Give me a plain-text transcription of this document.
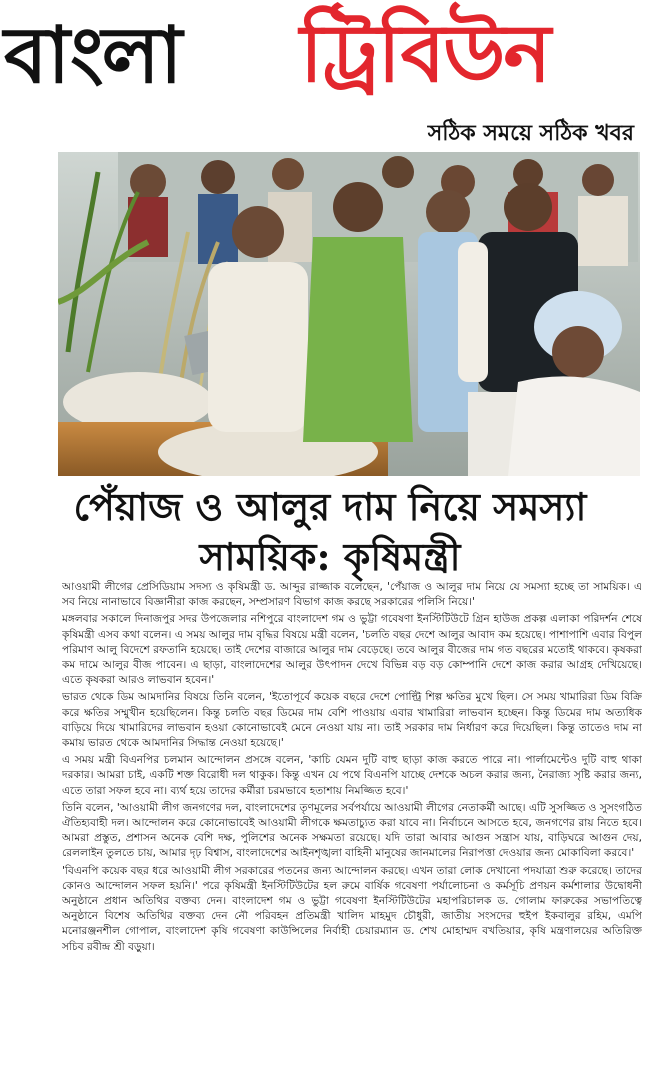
বাংলা ট্রিবিউন
সঠিক সময়ে সঠিক খবর
পেঁয়াজ ও আলুর দাম নিয়ে সমস্যা সাময়িক: কৃষিমন্ত্রী

আওয়ামী লীগের প্রেসিডিয়াম সদস্য ও কৃষিমন্ত্রী ড. আব্দুর রাজ্জাক বলেছেন, 'পেঁয়াজ ও আলুর দাম নিয়ে যে সমস্যা হচ্ছে তা সাময়িক। এ সব নিয়ে নানাভাবে বিজ্ঞানীরা কাজ করছেন, সম্প্রসারণ বিভাগ কাজ করছে সরকারের পলিসি নিয়ে।'

মঙ্গলবার সকালে দিনাজপুর সদর উপজেলার নশিপুরে বাংলাদেশ গম ও ভুট্টা গবেষণা ইনস্টিটিউটে গ্রিন হাউজ প্রকল্প এলাকা পরিদর্শন শেষে কৃষিমন্ত্রী এসব কথা বলেন। এ সময় আলুর দাম বৃদ্ধির বিষয়ে মন্ত্রী বলেন, 'চলতি বছর দেশে আলুর আবাদ কম হয়েছে। পাশাপাশি এবার বিপুল পরিমাণ আলু বিদেশে রফতানি হয়েছে। তাই দেশের বাজারে আলুর দাম বেড়েছে। তবে আলুর বীজের দাম গত বছরের মতোই থাকবে। কৃষকরা কম দামে আলুর বীজ পাবেন। এ ছাড়া, বাংলাদেশের আলুর উৎপাদন দেখে বিভিন্ন বড় বড় কোম্পানি দেশে কাজ করার আগ্রহ দেখিয়েছে। এতে কৃষকরা আরও লাভবান হবেন।'

ভারত থেকে ডিম আমদানির বিষয়ে তিনি বলেন, 'ইতোপূর্বে কয়েক বছরে দেশে পোল্ট্রি শিল্প ক্ষতির মুখে ছিল। সে সময় খামারিরা ডিম বিক্রি করে ক্ষতির সম্মুখীন হয়েছিলেন। কিন্তু চলতি বছর ডিমের দাম বেশি পাওয়ায় এবার খামারিরা লাভবান হচ্ছেন। কিন্তু ডিমের দাম অত্যধিক বাড়িয়ে দিয়ে খামারিদের লাভবান হওয়া কোনোভাবেই মেনে নেওয়া যায় না। তাই সরকার দাম নির্ধারণ করে দিয়েছিল। কিন্তু তাতেও দাম না কমায় ভারত থেকে আমদানির সিদ্ধান্ত নেওয়া হয়েছে।'

এ সময় মন্ত্রী বিএনপির চলমান আন্দোলন প্রসঙ্গে বলেন, 'কাচি যেমন দুটি বাহু ছাড়া কাজ করতে পারে না। পার্লামেন্টেও দুটি বাহু থাকা দরকার। আমরা চাই, একটি শক্ত বিরোধী দল থাকুক। কিন্তু এখন যে পথে বিএনপি যাচ্ছে দেশকে অচল করার জন্য, নৈরাজ্য সৃষ্টি করার জন্য, এতে তারা সফল হবে না। ব্যর্থ হয়ে তাদের কর্মীরা চরমভাবে হতাশায় নিমজ্জিত হবে।'

তিনি বলেন, 'আওয়ামী লীগ জনগণের দল, বাংলাদেশের তৃণমূলের সর্বপর্যায়ে আওয়ামী লীগের নেতাকর্মী আছে। এটি সুসজ্জিত ও সুসংগঠিত ঐতিহ্যবাহী দল। আন্দোলন করে কোনোভাবেই আওয়ামী লীগকে ক্ষমতাচ্যুত করা যাবে না। নির্বাচনে আসতে হবে, জনগণের রায় নিতে হবে। আমরা প্রস্তুত, প্রশাসন অনেক বেশি দক্ষ, পুলিশের অনেক সক্ষমতা রয়েছে। যদি তারা আবার আগুন সন্ত্রাস যায়, বাড়িঘরে আগুন দেয়, রেললাইন তুলতে চায়, আমার দৃঢ় বিশ্বাস, বাংলাদেশের আইনশৃঙ্খলা বাহিনী মানুষের জানমালের নিরাপত্তা দেওয়ার জন্য মোকাবিলা করবে।'

'বিএনপি কয়েক বছর ধরে আওয়ামী লীগ সরকারের পতনের জন্য আন্দোলন করছে। এখন তারা লোক দেখানো পদযাত্রা শুরু করেছে। তাদের কোনও আন্দোলন সফল হয়নি।' পরে কৃষিমন্ত্রী ইনস্টিটিউটের হল রুমে বার্ষিক গবেষণা পর্যালোচনা ও কর্মসূচি প্রণয়ন কর্মশালার উদ্বোধনী অনুষ্ঠানে প্রধান অতিথির বক্তব্য দেন। বাংলাদেশ গম ও ভুট্টা গবেষণা ইনস্টিটিউটের মহাপরিচালক ড. গোলাম ফারুকের সভাপতিত্বে অনুষ্ঠানে বিশেষ অতিথির বক্তব্য দেন নৌ পরিবহন প্রতিমন্ত্রী খালিদ মাহমুদ চৌধুরী, জাতীয় সংসদের হুইপ ইকবালুর রহিম, এমপি মনোরঞ্জনশীল গোপাল, বাংলাদেশ কৃষি গবেষণা কাউন্সিলের নির্বাহী চেয়ারম্যান ড. শেখ মোহাম্মদ বখতিয়ার, কৃষি মন্ত্রণালয়ের অতিরিক্ত সচিব রবীন্দ্র শ্রী বড়ুয়া।
